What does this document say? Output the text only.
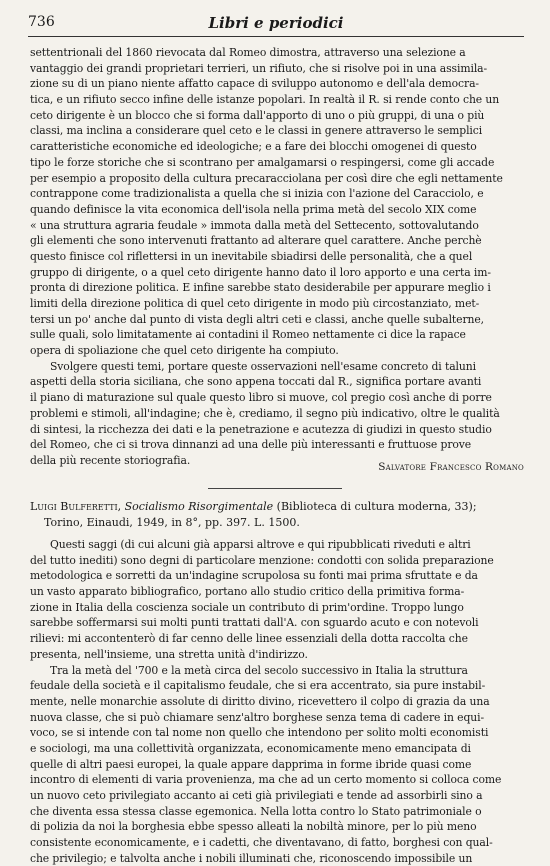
736	Libri e periodici
settentrionali del 1860 rievocata dal Romeo dimostra, attraverso una selezione a
vantaggio dei grandi proprietari terrieri, un rifiuto, che si risolve poi in una assimila-
zione su di un piano niente affatto capace di sviluppo autonomo e dell'ala democra-
tica, e un rifiuto secco infine delle istanze popolari. In realtà il R. si rende conto che un
ceto dirigente è un blocco che si forma dall'apporto di uno o più gruppi, di una o più
classi, ma inclina a considerare quel ceto e le classi in genere attraverso le semplici
caratteristiche economiche ed ideologiche; e a fare dei blocchi omogenei di questo
tipo le forze storiche che si scontrano per amalgamarsi o respingersi, come gli accade
per esempio a proposito della cultura precaracciolana per così dire che egli nettamente
contrappone come tradizionalista a quella che si inizia con l'azione del Caracciolo, e
quando definisce la vita economica dell'isola nella prima metà del secolo XIX come
« una struttura agraria feudale » immota dalla metà del Settecento, sottovalutando
gli elementi che sono intervenuti frattanto ad alterare quel carattere. Anche perchè
questo finisce col riflettersi in un inevitabile sbiadirsi delle personalità, che a quel
gruppo di dirigente, o a quel ceto dirigente hanno dato il loro apporto e una certa im-
pronta di direzione politica. E infine sarebbe stato desiderabile per appurare meglio i
limiti della direzione politica di quel ceto dirigente in modo più circostanziato, met-
tersi un po' anche dal punto di vista degli altri ceti e classi, anche quelle subalterne,
sulle quali, solo limitatamente ai contadini il Romeo nettamente ci dice la rapace
opera di spoliazione che quel ceto dirigente ha compiuto.
Svolgere questi temi, portare queste osservazioni nell'esame concreto di taluni
aspetti della storia siciliana, che sono appena toccati dal R., significa portare avanti
il piano di maturazione sul quale questo libro si muove, col pregio così anche di porre
problemi e stimoli, all'indagine; che è, crediamo, il segno più indicativo, oltre le qualità
di sintesi, la ricchezza dei dati e la penetrazione e acutezza di giudizi in questo studio
del Romeo, che ci si trova dinnanzi ad una delle più interessanti e fruttuose prove
della più recente storiografia.
Salvatore Francesco Romano
Luigi Bulferetti, Socialismo Risorgimentale (Biblioteca di cultura moderna, 33);
Torino, Einaudi, 1949, in 8°, pp. 397. L. 1500.
Questi saggi (di cui alcuni già apparsi altrove e qui ripubblicati riveduti e altri
del tutto inediti) sono degni di particolare menzione: condotti con solida preparazione
metodologica e sorretti da un'indagine scrupolosa su fonti mai prima sfruttate e da
un vasto apparato bibliografico, portano allo studio critico della primitiva forma-
zione in Italia della coscienza sociale un contributo di prim'ordine. Troppo lungo
sarebbe soffermarsi sui molti punti trattati dall'A. con sguardo acuto e con notevoli
rilievi: mi accontenterò di far cenno delle linee essenziali della dotta raccolta che
presenta, nell'insieme, una stretta unità d'indirizzo.
Tra la metà del '700 e la metà circa del secolo successivo in Italia la struttura
feudale della società e il capitalismo feudale, che si era accentrato, sia pure instabil-
mente, nelle monarchie assolute di diritto divino, ricevettero il colpo di grazia da una
nuova classe, che si può chiamare senz'altro borghese senza tema di cadere in equi-
voco, se si intende con tal nome non quello che intendono per solito molti economisti
e sociologi, ma una collettività organizzata, economicamente meno emancipata di
quelle di altri paesi europei, la quale appare dapprima in forme ibride quasi come
incontro di elementi di varia provenienza, ma che ad un certo momento si colloca come
un nuovo ceto privilegiato accanto ai ceti già privilegiati e tende ad assorbirli sino a
che diventa essa stessa classe egemonica. Nella lotta contro lo Stato patrimoniale o
di polizia da noi la borghesia ebbe spesso alleati la nobiltà minore, per lo più meno
consistente economicamente, e i cadetti, che diventavano, di fatto, borghesi con qual-
che privilegio; e talvolta anche i nobili illuminati che, riconoscendo impossibile un
